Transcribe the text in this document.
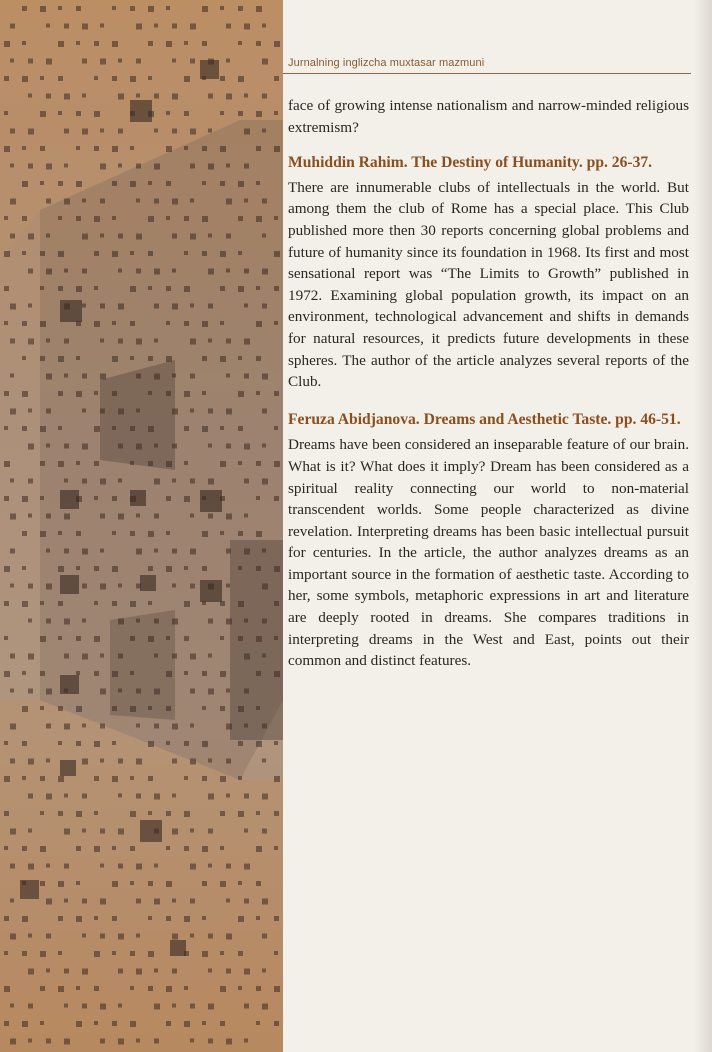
Jurnalning inglizcha muxtasar mazmuni

face of growing intense nationalism and narrow-minded religious extremism?

Muhiddin Rahim. The Destiny of Humanity. pp. 26-37.

There are innumerable clubs of intellectuals in the world. But among them the club of Rome has a special place. This Club published more then 30 reports concerning global problems and future of humanity since its foundation in 1968. Its first and most sensational report was “The Limits to Growth” published in 1972. Examining global population growth, its impact on an environment, technological advancement and shifts in demands for natural resources, it predicts future developments in these spheres. The author of the article analyzes several reports of the Club.

Feruza Abidjanova. Dreams and Aesthetic Taste. pp. 46-51.

Dreams have been considered an inseparable feature of our brain. What is it? What does it imply? Dream has been considered as a spiritual reality connecting our world to non-material transcendent worlds. Some people characterized as divine revelation. Interpreting dreams has been basic intellectual pursuit for centuries. In the article, the author analyzes dreams as an important source in the formation of aesthetic taste. According to her, some symbols, metaphoric expressions in art and literature are deeply rooted in dreams. She compares traditions in interpreting dreams in the West and East, points out their common and distinct features.
